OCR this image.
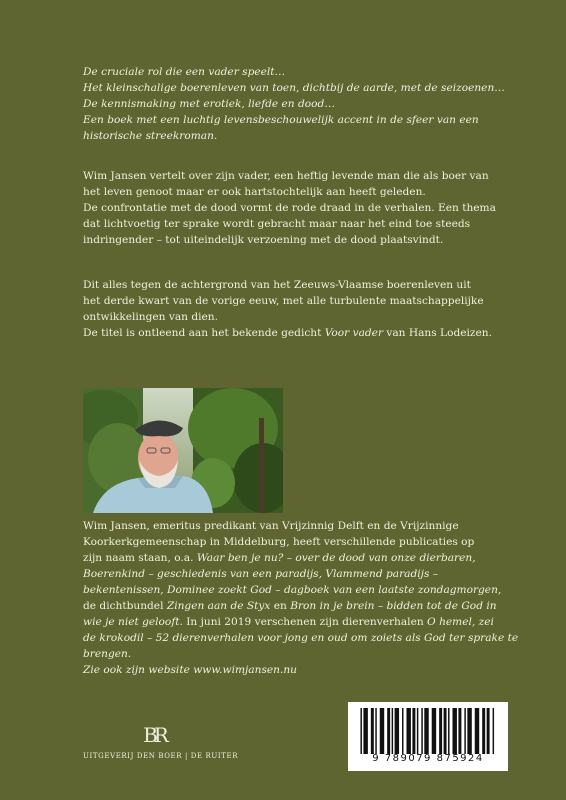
De cruciale rol die een vader speelt…
Het kleinschalige boerenleven van toen, dichtbij de aarde, met de seizoenen…
De kennismaking met erotiek, liefde en dood…
Een boek met een luchtig levensbeschouwelijk accent in de sfeer van een
historische streekroman.
Wim Jansen vertelt over zijn vader, een heftig levende man die als boer van
het leven genoot maar er ook hartstochtelijk aan heeft geleden.
De confrontatie met de dood vormt de rode draad in de verhalen. Een thema
dat lichtvoetig ter sprake wordt gebracht maar naar het eind toe steeds
indringender – tot uiteindelijk verzoening met de dood plaatsvindt.
Dit alles tegen de achtergrond van het Zeeuws-Vlaamse boerenleven uit
het derde kwart van de vorige eeuw, met alle turbulente maatschappelijke
ontwikkelingen van dien.
De titel is ontleend aan het bekende gedicht Voor vader van Hans Lodeizen.
Wim Jansen, emeritus predikant van Vrijzinnig Delft en de Vrijzinnige
Koorkerkgemeenschap in Middelburg, heeft verschillende publicaties op
zijn naam staan, o.a. Waar ben je nu? – over de dood van onze dierbaren,
Boerenkind – geschiedenis van een paradijs, Vlammend paradijs –
bekentenissen, Dominee zoekt God – dagboek van een laatste zondagmorgen,
de dichtbundel Zingen aan de Styx en Bron in je brein – bidden tot de God in
wie je niet gelooft. In juni 2019 verschenen zijn dierenverhalen O hemel, zei
de krokodil – 52 dierenverhalen voor jong en oud om zoiets als God ter sprake te
brengen.
Zie ook zijn website www.wimjansen.nu
BR
UITGEVERIJ DEN BOER | DE RUITER	9 789079 875924
